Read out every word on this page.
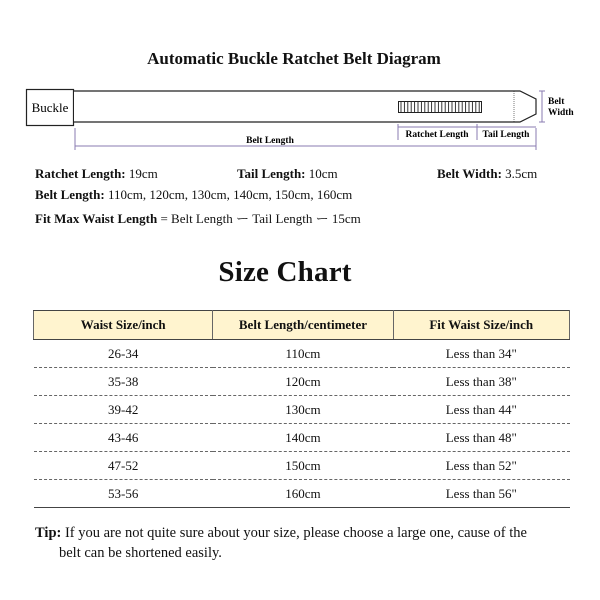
Automatic Buckle Ratchet Belt Diagram
Buckle	Belt
Width
Belt Length
Ratchet Length Tail Length
Ratchet Length: 19cm	Tail Length: 10cm	Belt Width: 3.5cm
Belt Length: 110cm, 120cm, 130cm, 140cm, 150cm, 160cm
Fit Max Waist Length = Belt Length ー Tail Length ー 15cm
Size Chart
Waist Size/inch	Belt Length/centimeter	Fit Waist Size/inch
26-34	110cm	Less than 34"
35-38	120cm	Less than 38"
39-42	130cm	Less than 44"
43-46	140cm	Less than 48"
47-52	150cm	Less than 52"
53-56	160cm	Less than 56"
Tip: If you are not quite sure about your size, please choose a large one, cause of the
belt can be shortened easily.
